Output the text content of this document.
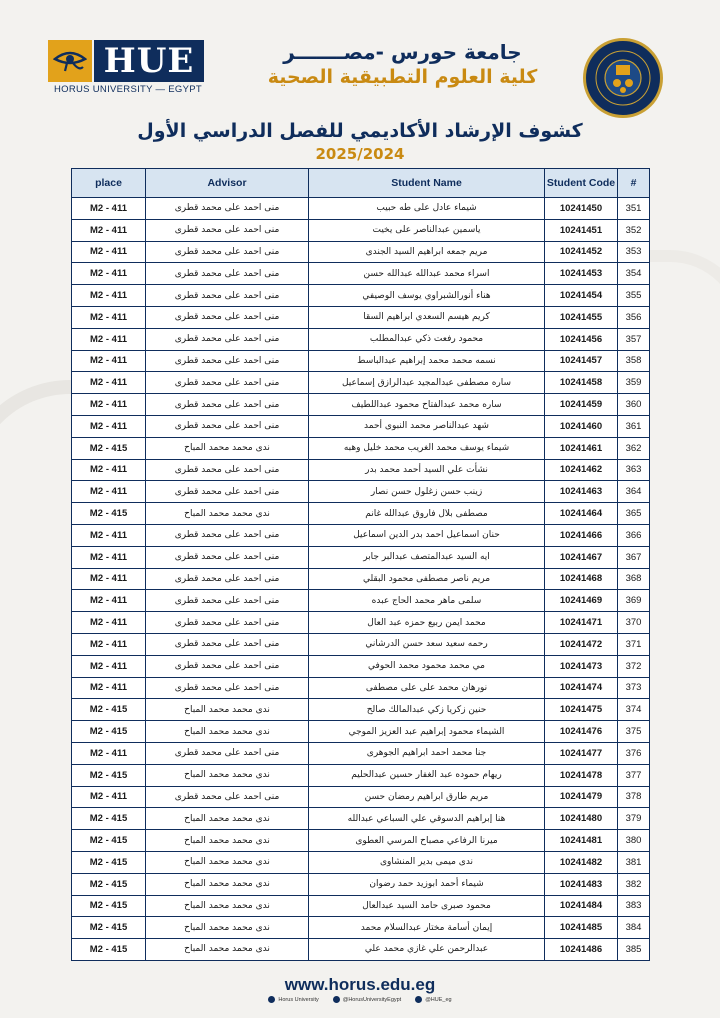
HUE
HORUS UNIVERSITY — EGYPT
جامعة حورس -مصـــــــر
كلية العلوم التطبيقية الصحية
كشوف الإرشاد الأكاديمي للفصل الدراسي الأول
2025/2024
place	Advisor	Student Name	Student Code	#
M2 - 411	منى احمد على محمد قطرى	شيماء عادل على طه حبيب	10241450	351
M2 - 411	منى احمد على محمد قطرى	ياسمين عبدالناصر على يخيت	10241451	352
M2 - 411	منى احمد على محمد قطرى	مريم جمعه ابراهيم السيد الجندى	10241452	353
M2 - 411	منى احمد على محمد قطرى	اسراء محمد عبدالله عبدالله حسن	10241453	354
M2 - 411	منى احمد على محمد قطرى	هناء أنورالشبراوي يوسف الوصيفي	10241454	355
M2 - 411	منى احمد على محمد قطرى	كريم هيسم السعدي ابراهيم السقا	10241455	356
M2 - 411	منى احمد على محمد قطرى	محمود رفعت ذكي عبدالمطلب	10241456	357
M2 - 411	منى احمد على محمد قطرى	نسمه محمد محمد إبراهيم عبدالباسط	10241457	358
M2 - 411	منى احمد على محمد قطرى	ساره مصطفى عبدالمجيد عبدالرازق إسماعيل	10241458	359
M2 - 411	منى احمد على محمد قطرى	ساره محمد عبدالفتاح محمود عبداللطيف	10241459	360
M2 - 411	منى احمد على محمد قطرى	شهد عبدالناصر محمد النبوى أحمد	10241460	361
M2 - 415	ندى محمد محمد المباح	شيماء يوسف محمد الغريب محمد خليل وهبه	10241461	362
M2 - 411	منى احمد على محمد قطرى	نشأت علي السيد أحمد محمد بدر	10241462	363
M2 - 411	منى احمد على محمد قطرى	زينب حسن زغلول حسن نصار	10241463	364
M2 - 415	ندى محمد محمد المباح	مصطفى بلال فاروق عبدالله غانم	10241464	365
M2 - 411	منى احمد على محمد قطرى	حنان اسماعيل احمد بدر الدين اسماعيل	10241466	366
M2 - 411	منى احمد على محمد قطرى	ايه السيد عبدالمتصف عبدالبر جابر	10241467	367
M2 - 411	منى احمد على محمد قطرى	مريم ناصر مصطفى محمود البقلي	10241468	368
M2 - 411	منى احمد على محمد قطرى	سلمى ماهر محمد الحاج عبده	10241469	369
M2 - 411	منى احمد على محمد قطرى	محمد ايمن ربيع حمزه عبد العال	10241471	370
M2 - 411	منى احمد على محمد قطرى	رحمه سعيد سعد حسن الدرشاني	10241472	371
M2 - 411	منى احمد على محمد قطرى	مي محمد محمود محمد الحوفي	10241473	372
M2 - 411	منى احمد على محمد قطرى	نورهان محمد على على مصطفى	10241474	373
M2 - 415	ندى محمد محمد المباح	حنين زكريا زكي عبدالمالك صالح	10241475	374
M2 - 415	ندى محمد محمد المباح	الشيماء محمود إبراهيم عبد العزيز الموجي	10241476	375
M2 - 411	منى احمد على محمد قطرى	جنا محمد احمد ابراهيم الجوهرى	10241477	376
M2 - 415	ندى محمد محمد المباح	ريهام حموده عبد الغفار حسين عبدالحليم	10241478	377
M2 - 411	منى احمد على محمد قطرى	مريم طارق ابراهيم رمضان حسن	10241479	378
M2 - 415	ندى محمد محمد المباح	هنا إبراهيم الدسوقي علي السباعي عبدالله	10241480	379
M2 - 415	ندى محمد محمد المباح	ميرنا الرفاعي مصباح المرسي العطوى	10241481	380
M2 - 415	ندى محمد محمد المباح	ندى ميمى بدير المنشاوى	10241482	381
M2 - 415	ندى محمد محمد المباح	شيماء أحمد ابوزيد حمد رضوان	10241483	382
M2 - 415	ندى محمد محمد المباح	محمود صبرى حامد السيد عبدالعال	10241484	383
M2 - 415	ندى محمد محمد المباح	إيمان أسامة مختار عبدالسلام محمد	10241485	384
M2 - 415	ندى محمد محمد المباح	عبدالرحمن علي غازي محمد علي	10241486	385
www.horus.edu.eg
Horus University	@HorusUniversityEgypt	@HUE_eg
